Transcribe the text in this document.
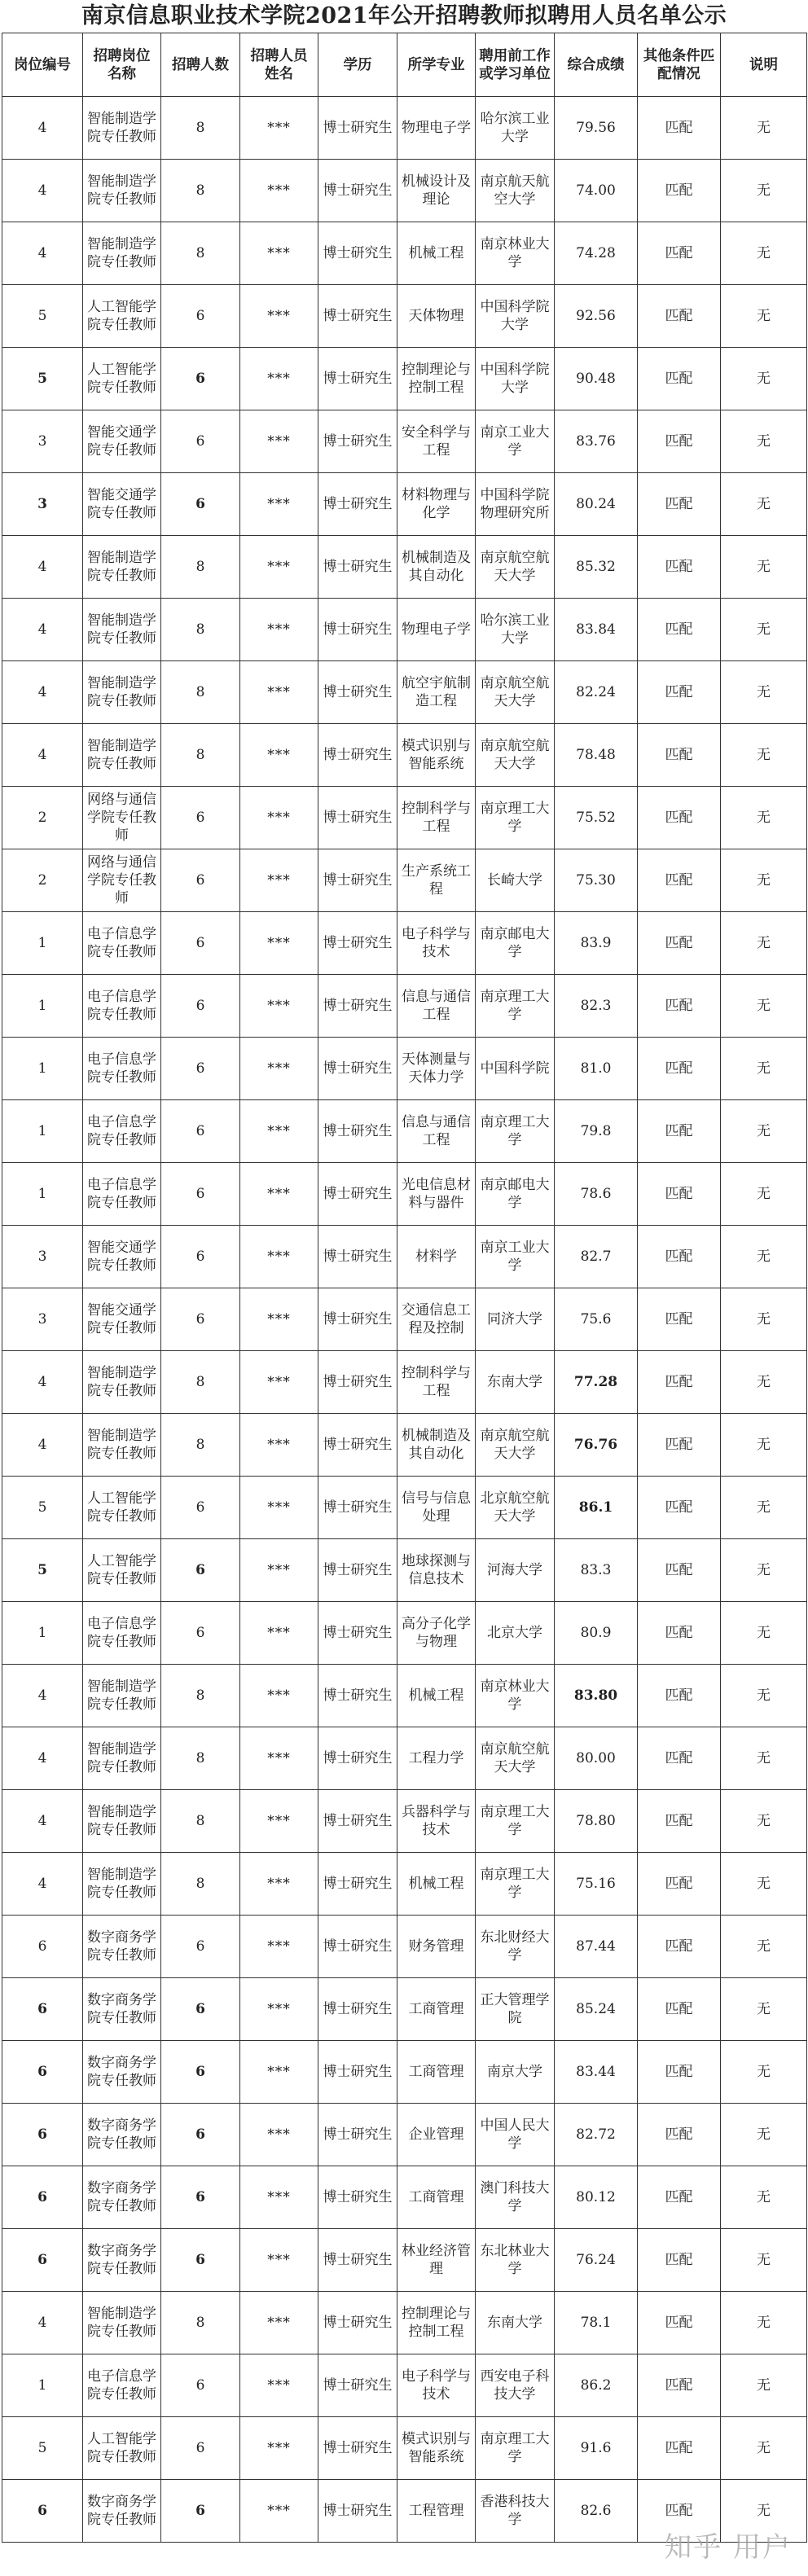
南京信息职业技术学院2021年公开招聘教师拟聘用人员名单公示
岗位编号	招聘岗位名称	招聘人数	招聘人员姓名	学历	所学专业	聘用前工作或学习单位	综合成绩	其他条件匹配情况	说明
4	智能制造学院专任教师	8	***	博士研究生	物理电子学	哈尔滨工业大学	79.56	匹配	无
4	智能制造学院专任教师	8	***	博士研究生	机械设计及理论	南京航天航空大学	74.00	匹配	无
4	智能制造学院专任教师	8	***	博士研究生	机械工程	南京林业大学	74.28	匹配	无
5	人工智能学院专任教师	6	***	博士研究生	天体物理	中国科学院大学	92.56	匹配	无
5	人工智能学院专任教师	6	***	博士研究生	控制理论与控制工程	中国科学院大学	90.48	匹配	无
3	智能交通学院专任教师	6	***	博士研究生	安全科学与工程	南京工业大学	83.76	匹配	无
3	智能交通学院专任教师	6	***	博士研究生	材料物理与化学	中国科学院物理研究所	80.24	匹配	无
4	智能制造学院专任教师	8	***	博士研究生	机械制造及其自动化	南京航空航天大学	85.32	匹配	无
4	智能制造学院专任教师	8	***	博士研究生	物理电子学	哈尔滨工业大学	83.84	匹配	无
4	智能制造学院专任教师	8	***	博士研究生	航空宇航制造工程	南京航空航天大学	82.24	匹配	无
4	智能制造学院专任教师	8	***	博士研究生	模式识别与智能系统	南京航空航天大学	78.48	匹配	无
2	网络与通信学院专任教师	6	***	博士研究生	控制科学与工程	南京理工大学	75.52	匹配	无
2	网络与通信学院专任教师	6	***	博士研究生	生产系统工程	长崎大学	75.30	匹配	无
1	电子信息学院专任教师	6	***	博士研究生	电子科学与技术	南京邮电大学	83.9	匹配	无
1	电子信息学院专任教师	6	***	博士研究生	信息与通信工程	南京理工大学	82.3	匹配	无
1	电子信息学院专任教师	6	***	博士研究生	天体测量与天体力学	中国科学院	81.0	匹配	无
1	电子信息学院专任教师	6	***	博士研究生	信息与通信工程	南京理工大学	79.8	匹配	无
1	电子信息学院专任教师	6	***	博士研究生	光电信息材料与器件	南京邮电大学	78.6	匹配	无
3	智能交通学院专任教师	6	***	博士研究生	材料学	南京工业大学	82.7	匹配	无
3	智能交通学院专任教师	6	***	博士研究生	交通信息工程及控制	同济大学	75.6	匹配	无
4	智能制造学院专任教师	8	***	博士研究生	控制科学与工程	东南大学	77.28	匹配	无
4	智能制造学院专任教师	8	***	博士研究生	机械制造及其自动化	南京航空航天大学	76.76	匹配	无
5	人工智能学院专任教师	6	***	博士研究生	信号与信息处理	北京航空航天大学	86.1	匹配	无
5	人工智能学院专任教师	6	***	博士研究生	地球探测与信息技术	河海大学	83.3	匹配	无
1	电子信息学院专任教师	6	***	博士研究生	高分子化学与物理	北京大学	80.9	匹配	无
4	智能制造学院专任教师	8	***	博士研究生	机械工程	南京林业大学	83.80	匹配	无
4	智能制造学院专任教师	8	***	博士研究生	工程力学	南京航空航天大学	80.00	匹配	无
4	智能制造学院专任教师	8	***	博士研究生	兵器科学与技术	南京理工大学	78.80	匹配	无
4	智能制造学院专任教师	8	***	博士研究生	机械工程	南京理工大学	75.16	匹配	无
6	数字商务学院专任教师	6	***	博士研究生	财务管理	东北财经大学	87.44	匹配	无
6	数字商务学院专任教师	6	***	博士研究生	工商管理	正大管理学院	85.24	匹配	无
6	数字商务学院专任教师	6	***	博士研究生	工商管理	南京大学	83.44	匹配	无
6	数字商务学院专任教师	6	***	博士研究生	企业管理	中国人民大学	82.72	匹配	无
6	数字商务学院专任教师	6	***	博士研究生	工商管理	澳门科技大学	80.12	匹配	无
6	数字商务学院专任教师	6	***	博士研究生	林业经济管理	东北林业大学	76.24	匹配	无
4	智能制造学院专任教师	8	***	博士研究生	控制理论与控制工程	东南大学	78.1	匹配	无
1	电子信息学院专任教师	6	***	博士研究生	电子科学与技术	西安电子科技大学	86.2	匹配	无
5	人工智能学院专任教师	6	***	博士研究生	模式识别与智能系统	南京理工大学	91.6	匹配	无
6	数字商务学院专任教师	6	***	博士研究生	工程管理	香港科技大学	82.6	匹配	无
知乎 用户
